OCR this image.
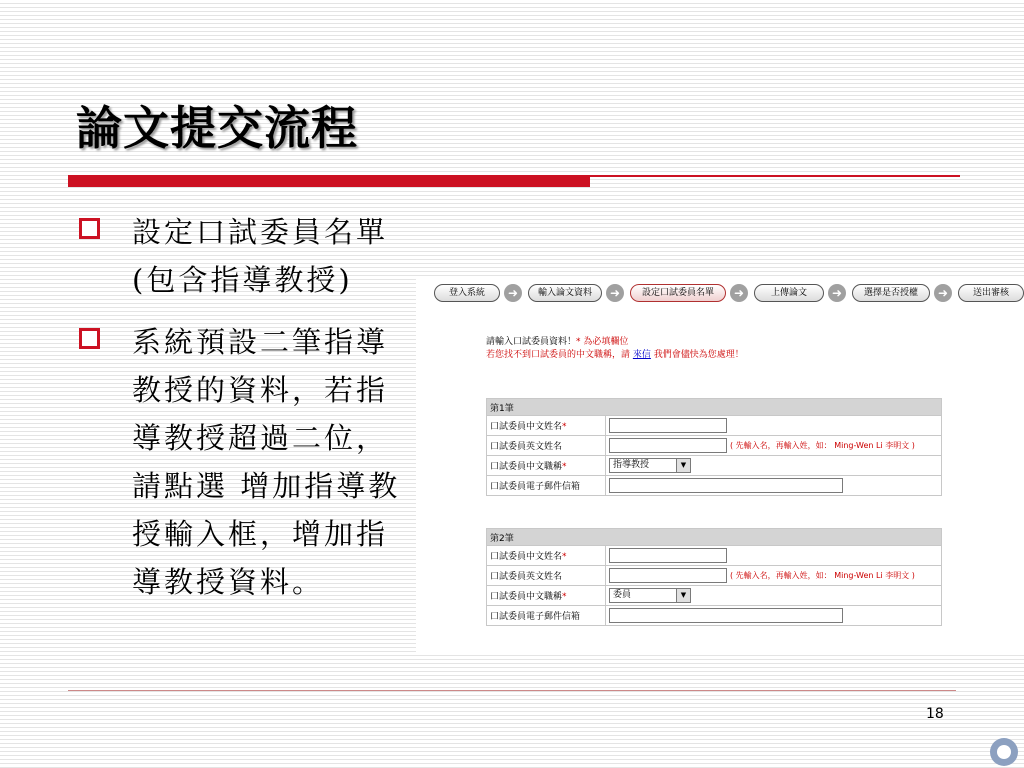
論文提交流程
設定口試委員名單
(包含指導教授)
系統預設二筆指導
教授的資料，若指
導教授超過二位，
請點選 增加指導教
授輸入框，增加指
導教授資料。
登入系統	➜	輸入論文資料	➜	設定口試委員名單	➜	上傳論文	➜	選擇是否授權	➜	送出審核
請輸入口試委員資料！* 為必填欄位
若您找不到口試委員的中文職稱，請 來信 我們會儘快為您處理！
第1筆	
口試委員中文姓名*	
口試委員英文姓名	( 先輸入名，再輸入姓，如： Ming-Wen Li 李明文 )
口試委員中文職稱*	指導教授 ▼

口試委員電子郵件信箱	
第2筆	
口試委員中文姓名*	
口試委員英文姓名	( 先輸入名，再輸入姓，如： Ming-Wen Li 李明文 )
口試委員中文職稱*	委員 ▼

口試委員電子郵件信箱	
18
